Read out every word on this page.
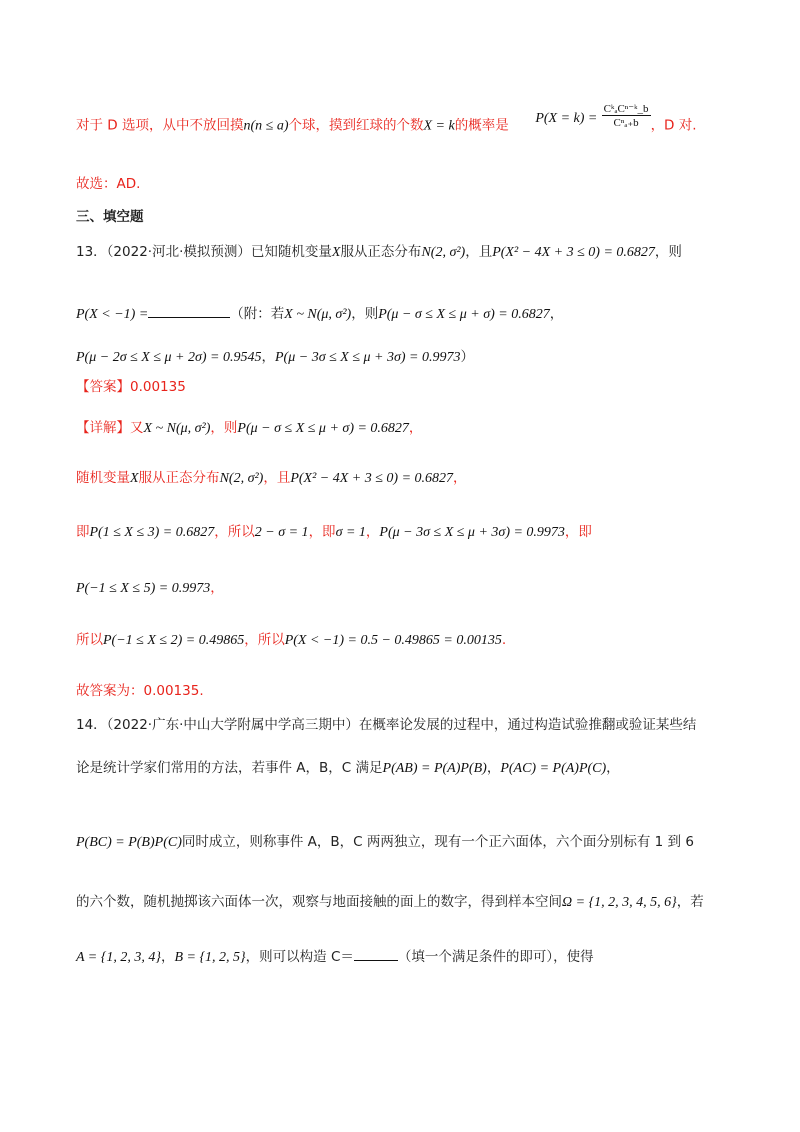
对于 D 选项，从中不放回摸n(n ≤ a)个球，摸到红球的个数X = k的概率是 $P(X = k) = \frac{\text{CᵏₐCⁿ⁻ᵏ\_b}}{\text{Cⁿₐ₊b}}$ ，D 对.
故选：AD.
三、填空题
13．（2022·河北·模拟预测）已知随机变量X服从正态分布N(2, σ²)，且P(X² − 4X + 3 ≤ 0) = 0.6827，则
P(X < −1) =	（附：若X ~ N(μ, σ²)，则P(μ − σ ≤ X ≤ μ + σ) = 0.6827，
P(μ − 2σ ≤ X ≤ μ + 2σ) = 0.9545，P(μ − 3σ ≤ X ≤ μ + 3σ) = 0.9973）
【答案】0.00135
【详解】又X ~ N(μ, σ²)，则P(μ − σ ≤ X ≤ μ + σ) = 0.6827，
随机变量X服从正态分布N(2, σ²)，且P(X² − 4X + 3 ≤ 0) = 0.6827，
即P(1 ≤ X ≤ 3) = 0.6827，所以2 − σ = 1，即σ = 1，P(μ − 3σ ≤ X ≤ μ + 3σ) = 0.9973，即
P(−1 ≤ X ≤ 5) = 0.9973，
所以P(−1 ≤ X ≤ 2) = 0.49865，所以P(X < −1) = 0.5 − 0.49865 = 0.00135.
故答案为：0.00135.
14．（2022·广东·中山大学附属中学高三期中）在概率论发展的过程中，通过构造试验推翻或验证某些结
论是统计学家们常用的方法，若事件 A，B，C 满足P(AB) = P(A)P(B)，P(AC) = P(A)P(C)，
P(BC) = P(B)P(C)同时成立，则称事件 A，B，C 两两独立，现有一个正六面体，六个面分别标有 1 到 6
的六个数，随机抛掷该六面体一次，观察与地面接触的面上的数字，得到样本空间Ω = {1, 2, 3, 4, 5, 6}，若
A = {1, 2, 3, 4}，B = {1, 2, 5}，则可以构造 C＝	（填一个满足条件的即可），使得
